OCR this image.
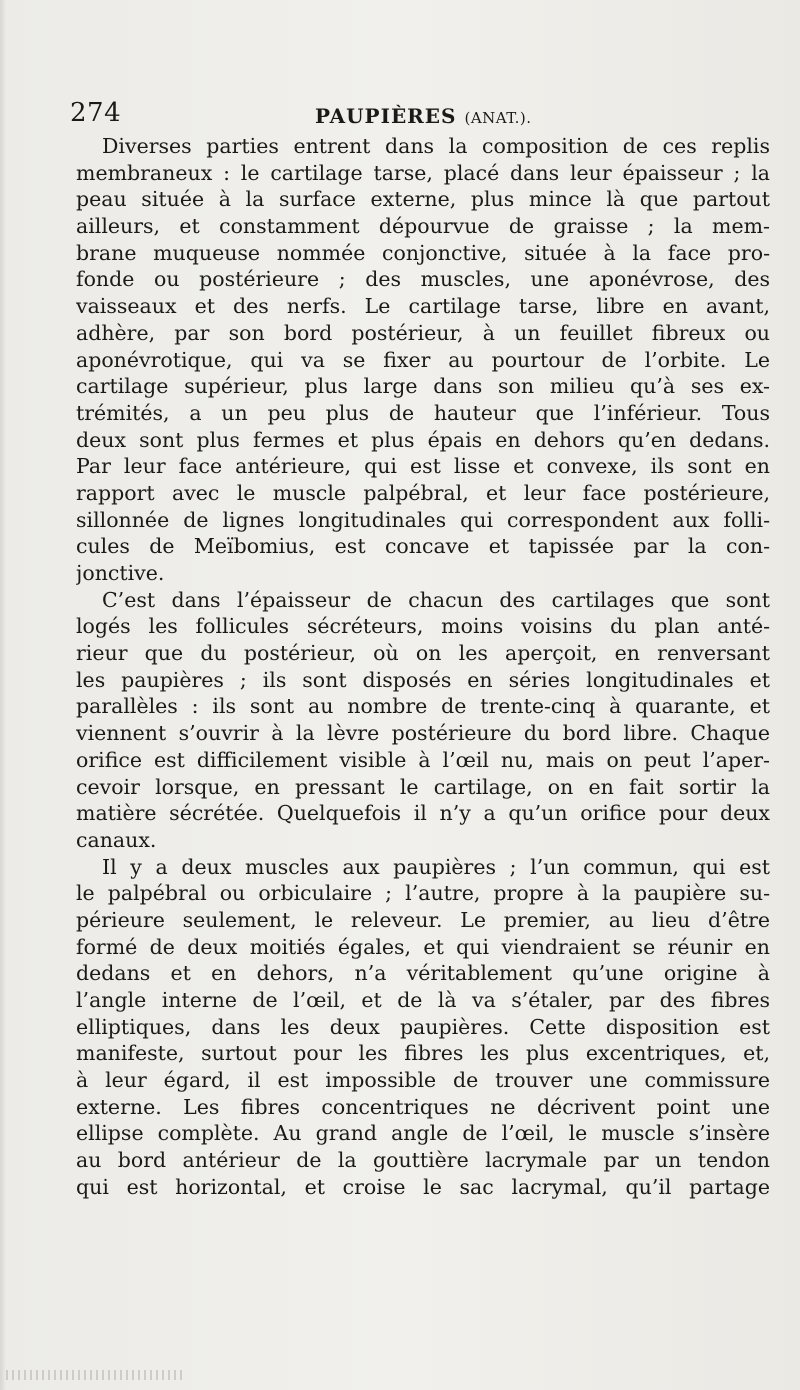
274	PAUPIÈRES (ANAT.).
Diverses parties entrent dans la composition de ces replis
membraneux : le cartilage tarse, placé dans leur épaisseur ; la
peau située à la surface externe, plus mince là que partout
ailleurs, et constamment dépourvue de graisse ; la mem-
brane muqueuse nommée conjonctive, située à la face pro-
fonde ou postérieure ; des muscles, une aponévrose, des
vaisseaux et des nerfs. Le cartilage tarse, libre en avant,
adhère, par son bord postérieur, à un feuillet fibreux ou
aponévrotique, qui va se fixer au pourtour de l’orbite. Le
cartilage supérieur, plus large dans son milieu qu’à ses ex-
trémités, a un peu plus de hauteur que l’inférieur. Tous
deux sont plus fermes et plus épais en dehors qu’en dedans.
Par leur face antérieure, qui est lisse et convexe, ils sont en
rapport avec le muscle palpébral, et leur face postérieure,
sillonnée de lignes longitudinales qui correspondent aux folli-
cules de Meïbomius, est concave et tapissée par la con-
jonctive.
C’est dans l’épaisseur de chacun des cartilages que sont
logés les follicules sécréteurs, moins voisins du plan anté-
rieur que du postérieur, où on les aperçoit, en renversant
les paupières ; ils sont disposés en séries longitudinales et
parallèles : ils sont au nombre de trente-cinq à quarante, et
viennent s’ouvrir à la lèvre postérieure du bord libre. Chaque
orifice est difficilement visible à l’œil nu, mais on peut l’aper-
cevoir lorsque, en pressant le cartilage, on en fait sortir la
matière sécrétée. Quelquefois il n’y a qu’un orifice pour deux
canaux.
Il y a deux muscles aux paupières ; l’un commun, qui est
le palpébral ou orbiculaire ; l’autre, propre à la paupière su-
périeure seulement, le releveur. Le premier, au lieu d’être
formé de deux moitiés égales, et qui viendraient se réunir en
dedans et en dehors, n’a véritablement qu’une origine à
l’angle interne de l’œil, et de là va s’étaler, par des fibres
elliptiques, dans les deux paupières. Cette disposition est
manifeste, surtout pour les fibres les plus excentriques, et,
à leur égard, il est impossible de trouver une commissure
externe. Les fibres concentriques ne décrivent point une
ellipse complète. Au grand angle de l’œil, le muscle s’insère
au bord antérieur de la gouttière lacrymale par un tendon
qui est horizontal, et croise le sac lacrymal, qu’il partage
